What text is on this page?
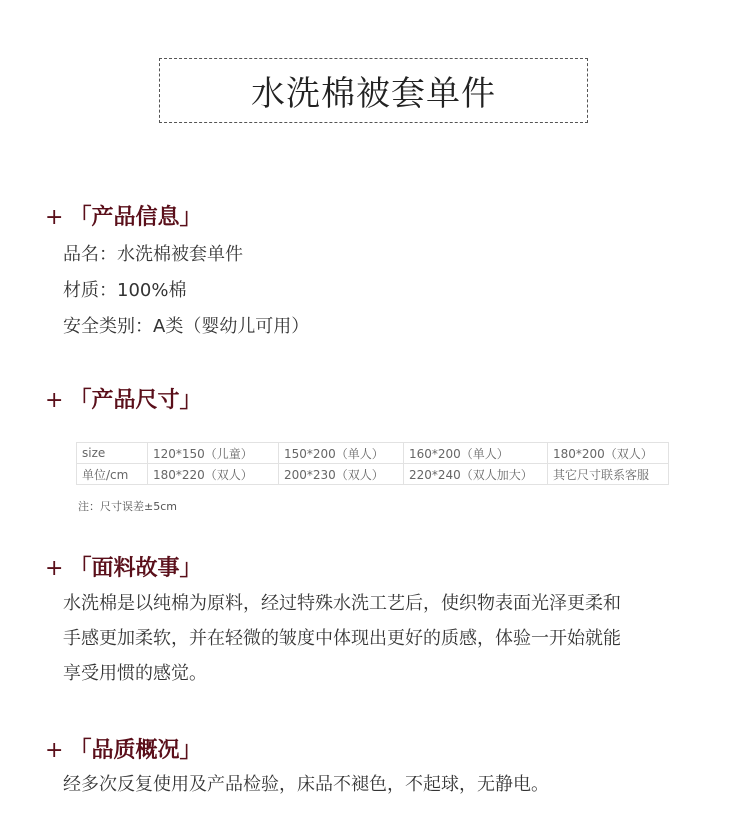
水洗棉被套单件
+ 「产品信息」
品名：水洗棉被套单件
材质：100%棉
安全类别：A类（婴幼儿可用）
+ 「产品尺寸」
size	120*150（儿童）	150*200（单人）	160*200（单人）	180*200（双人）
单位/cm	180*220（双人）	200*230（双人）	220*240（双人加大）	其它尺寸联系客服
注：尺寸误差±5cm
+ 「面料故事」
水洗棉是以纯棉为原料，经过特殊水洗工艺后，使织物表面光泽更柔和
手感更加柔软，并在轻微的皱度中体现出更好的质感，体验一开始就能
享受用惯的感觉。
+ 「品质概况」
经多次反复使用及产品检验，床品不褪色，不起球，无静电。
